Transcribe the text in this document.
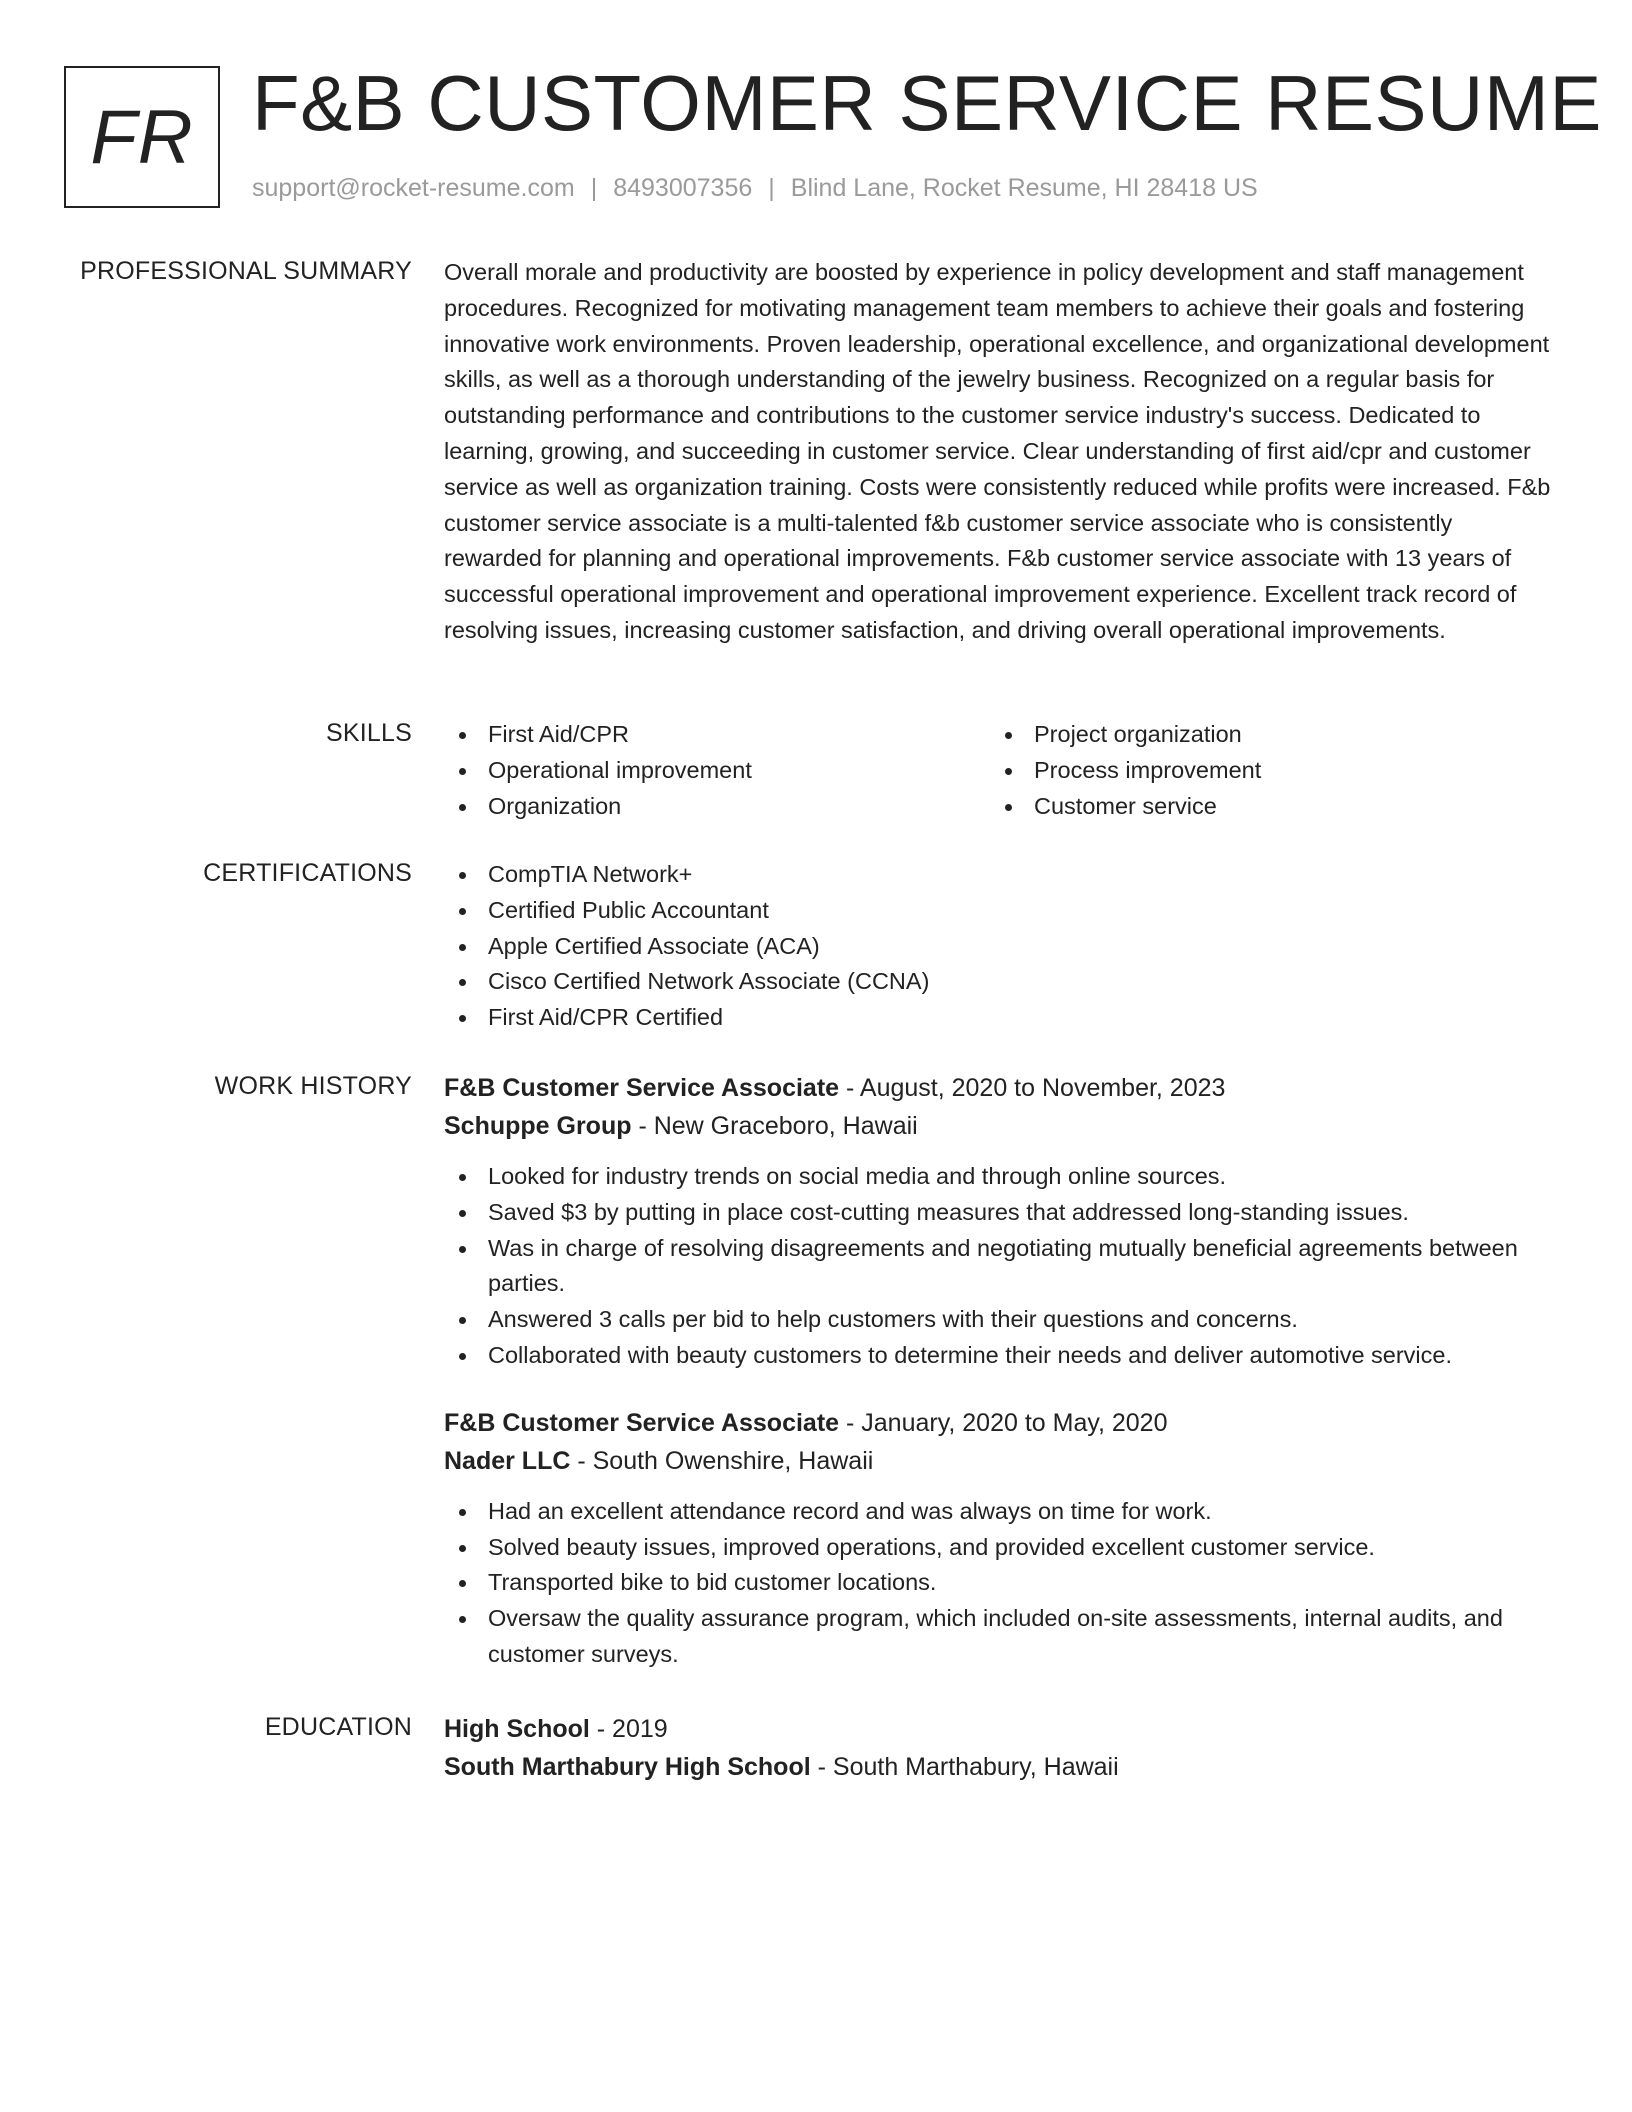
FR F&B CUSTOMER SERVICE RESUME
support@rocket-resume.com | 8493007356 | Blind Lane, Rocket Resume, HI 28418 US
PROFESSIONAL SUMMARY Overall morale and productivity are boosted by experience in policy development and staff management procedures. Recognized for motivating management team members to achieve their goals and fostering innovative work environments. Proven leadership, operational excellence, and organizational development skills, as well as a thorough understanding of the jewelry business. Recognized on a regular basis for outstanding performance and contributions to the customer service industry's success. Dedicated to learning, growing, and succeeding in customer service. Clear understanding of first aid/cpr and customer service as well as organization training. Costs were consistently reduced while profits were increased. F&b customer service associate is a multi-talented f&b customer service associate who is consistently rewarded for planning and operational improvements. F&b customer service associate with 13 years of successful operational improvement and operational improvement experience. Excellent track record of resolving issues, increasing customer satisfaction, and driving overall operational improvements.
SKILLS	First Aid/CPR
Operational improvement
Organization
Project organization
Process improvement
Customer service
CERTIFICATIONS	CompTIA Network+
Certified Public Accountant
Apple Certified Associate (ACA)
Cisco Certified Network Associate (CCNA)
First Aid/CPR Certified
WORK HISTORY F&B Customer Service Associate - August, 2020 to November, 2023
Schuppe Group - New Graceboro, Hawaii
Looked for industry trends on social media and through online sources.
Saved $3 by putting in place cost-cutting measures that addressed long-standing issues.
Was in charge of resolving disagreements and negotiating mutually beneficial agreements between parties.
Answered 3 calls per bid to help customers with their questions and concerns.
Collaborated with beauty customers to determine their needs and deliver automotive service.
F&B Customer Service Associate - January, 2020 to May, 2020
Nader LLC - South Owenshire, Hawaii
Had an excellent attendance record and was always on time for work.
Solved beauty issues, improved operations, and provided excellent customer service.
Transported bike to bid customer locations.
Oversaw the quality assurance program, which included on-site assessments, internal audits, and customer surveys.
EDUCATION High School - 2019
South Marthabury High School - South Marthabury, Hawaii
